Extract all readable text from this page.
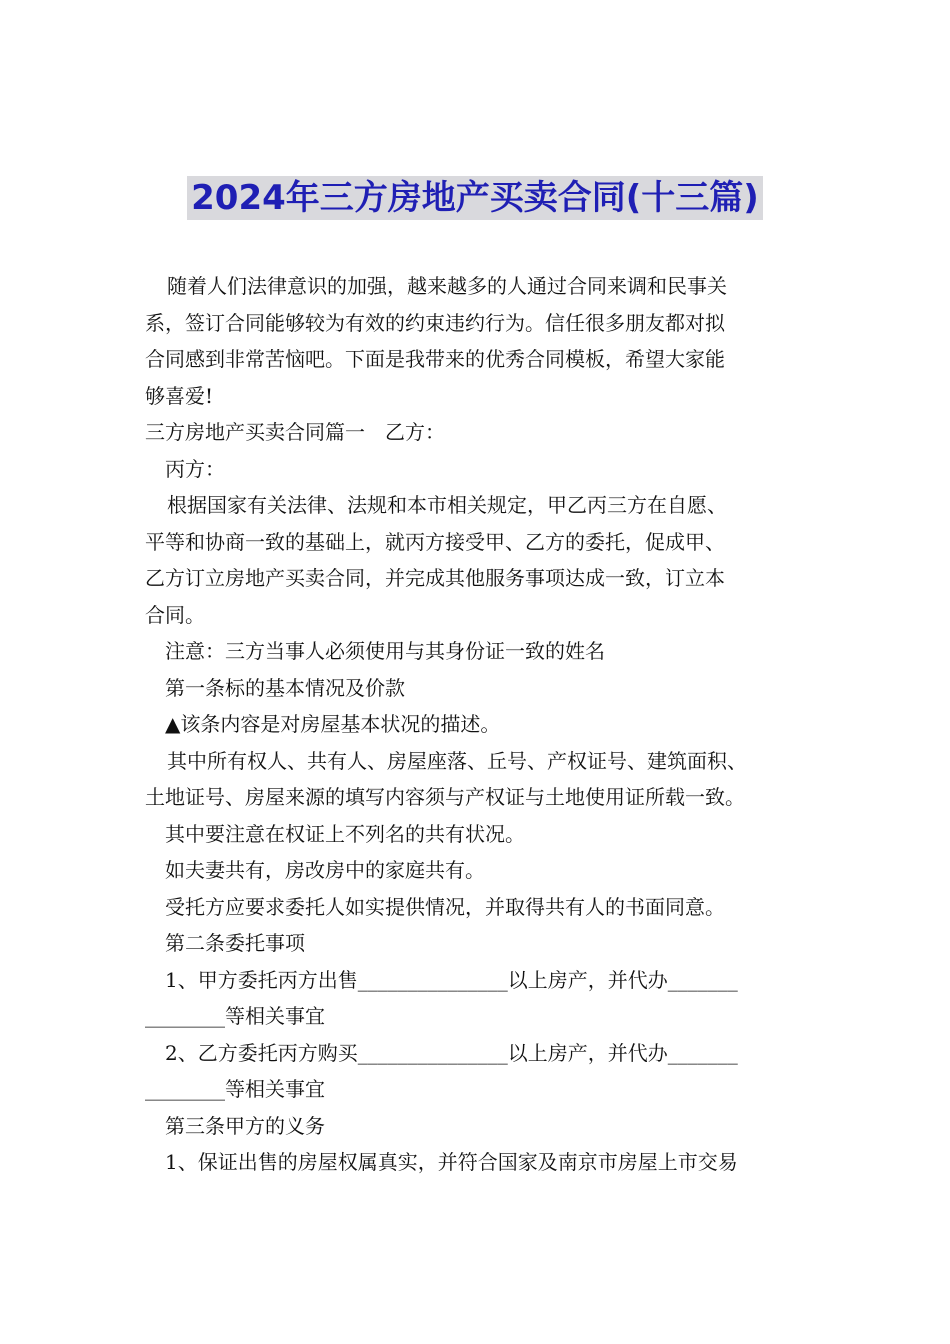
2024年三方房地产买卖合同(十三篇)

随着人们法律意识的加强，越来越多的人通过合同来调和民事关

系，签订合同能够较为有效的约束违约行为。信任很多朋友都对拟

合同感到非常苦恼吧。下面是我带来的优秀合同模板，希望大家能

够喜爱!

三方房地产买卖合同篇一　乙方：

丙方：

根据国家有关法律、法规和本市相关规定，甲乙丙三方在自愿、

平等和协商一致的基础上，就丙方接受甲、乙方的委托，促成甲、

乙方订立房地产买卖合同，并完成其他服务事项达成一致，订立本

合同。

注意：三方当事人必须使用与其身份证一致的姓名

第一条标的基本情况及价款

▲该条内容是对房屋基本状况的描述。

其中所有权人、共有人、房屋座落、丘号、产权证号、建筑面积、

土地证号、房屋来源的填写内容须与产权证与土地使用证所载一致。

其中要注意在权证上不列名的共有状况。

如夫妻共有，房改房中的家庭共有。

受托方应要求委托人如实提供情况，并取得共有人的书面同意。

第二条委托事项

1、甲方委托丙方出售_______________以上房产，并代办_______

________等相关事宜

2、乙方委托丙方购买_______________以上房产，并代办_______

________等相关事宜

第三条甲方的义务

1、保证出售的房屋权属真实，并符合国家及南京市房屋上市交易
